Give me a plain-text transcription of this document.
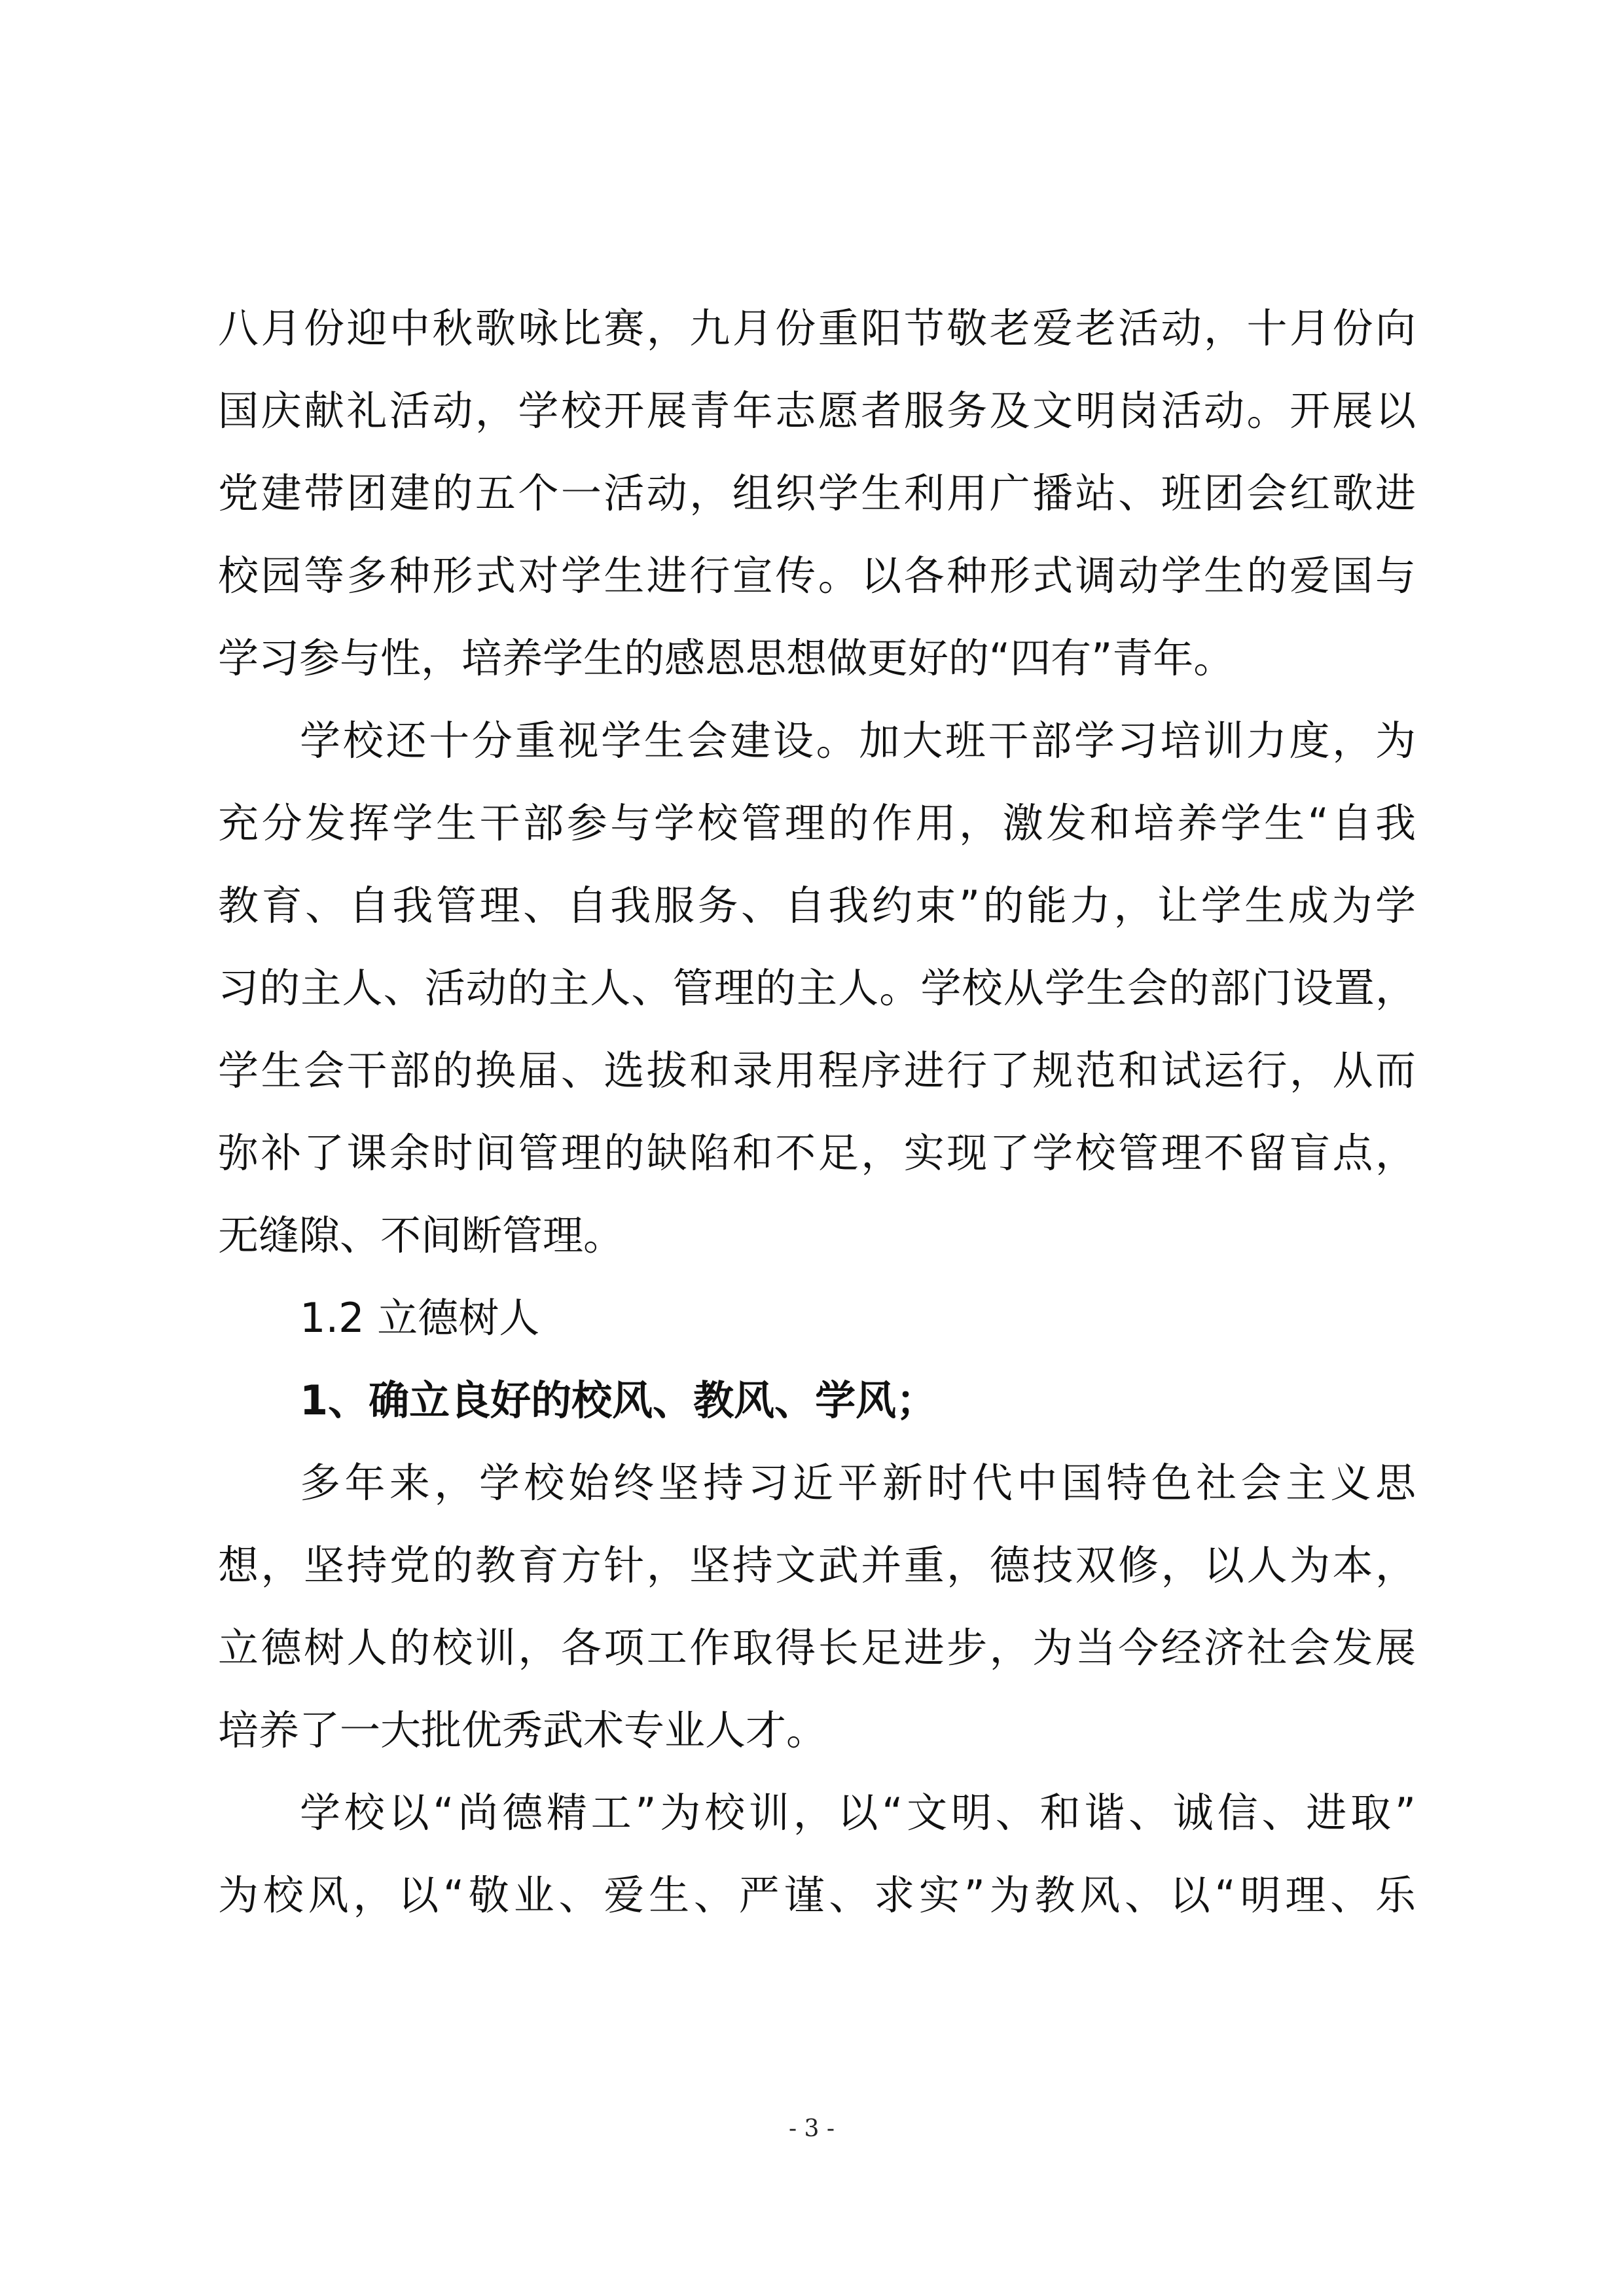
八月份迎中秋歌咏比赛，九月份重阳节敬老爱老活动，十月份向
国庆献礼活动，学校开展青年志愿者服务及文明岗活动。开展以
党建带团建的五个一活动，组织学生利用广播站、班团会红歌进
校园等多种形式对学生进行宣传。以各种形式调动学生的爱国与
学习参与性，培养学生的感恩思想做更好的“四有”青年。
学校还十分重视学生会建设。加大班干部学习培训力度，为
充分发挥学生干部参与学校管理的作用，激发和培养学生“自我
教育、自我管理、自我服务、自我约束”的能力，让学生成为学
习的主人、活动的主人、管理的主人。学校从学生会的部门设置，
学生会干部的换届、选拔和录用程序进行了规范和试运行，从而
弥补了课余时间管理的缺陷和不足，实现了学校管理不留盲点，
无缝隙、不间断管理。
1.2 立德树人
1、确立良好的校风、教风、学风；
多年来，学校始终坚持习近平新时代中国特色社会主义思
想，坚持党的教育方针，坚持文武并重，德技双修，以人为本，
立德树人的校训，各项工作取得长足进步，为当今经济社会发展
培养了一大批优秀武术专业人才。
学校以“尚德精工”为校训，以“文明、和谐、诚信、进取”
为校风，以“敬业、爱生、严谨、求实”为教风、以“明理、乐
- 3 -
